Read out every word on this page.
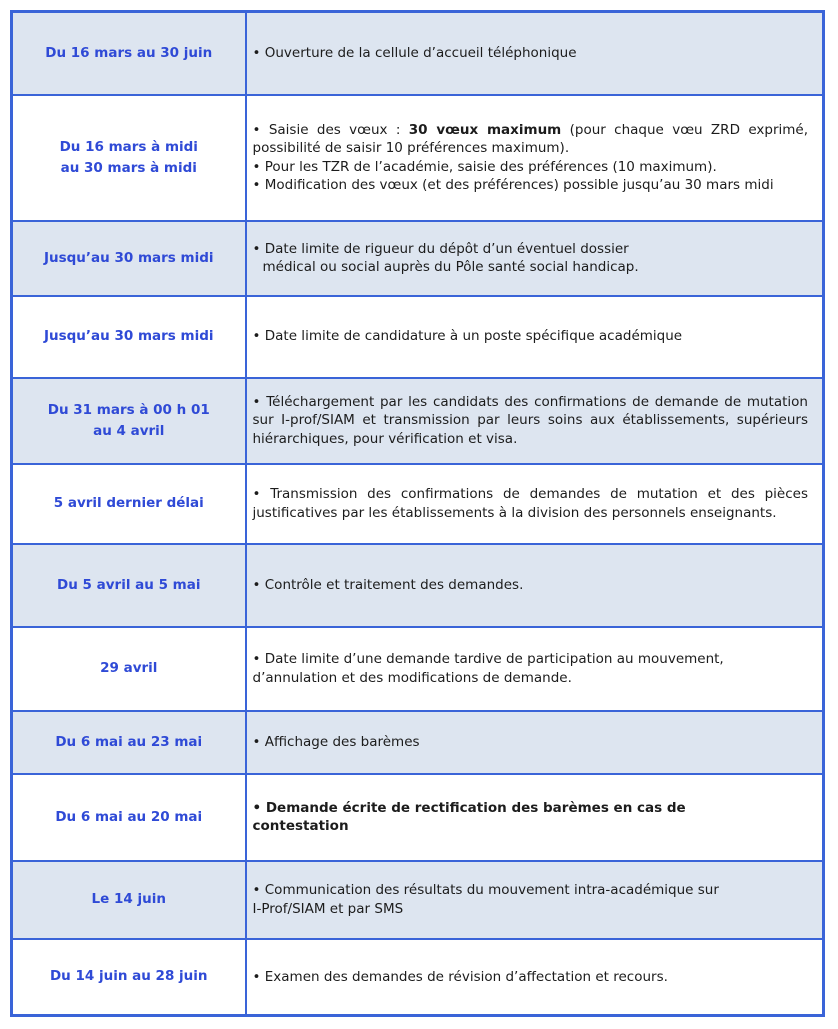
Du 16 mars au 30 juin	• Ouverture de la cellule d’accueil téléphonique

Du 16 mars à midi
au 30 mars à midi	• Saisie des vœux : 30 vœux maximum (pour chaque vœu ZRD exprimé, possibilité de saisir 10 préférences maximum).
• Pour les TZR de l’académie, saisie des préférences (10 maximum).
• Modification des vœux (et des préférences) possible jusqu’au 30 mars midi

Jusqu’au 30 mars midi	• Date limite de rigueur du dépôt d’un éventuel dossier
médical ou social auprès du Pôle santé social handicap.

Jusqu’au 30 mars midi	• Date limite de candidature à un poste spécifique académique

Du 31 mars à 00 h 01
au 4 avril	• Téléchargement par les candidats des confirmations de demande de mutation sur I-prof/SIAM et transmission par leurs soins aux établissements, supérieurs hiérarchiques, pour vérification et visa.

5 avril dernier délai	• Transmission des confirmations de demandes de mutation et des pièces justificatives par les établissements à la division des personnels enseignants.

Du 5 avril au 5 mai	• Contrôle et traitement des demandes.

29 avril	• Date limite d’une demande tardive de participation au mouvement,
d’annulation et des modifications de demande.

Du 6 mai au 23 mai	• Affichage des barèmes

Du 6 mai au 20 mai	• Demande écrite de rectification des barèmes en cas de
contestation

Le 14 juin	• Communication des résultats du mouvement intra-académique sur
I-Prof/SIAM et par SMS

Du 14 juin au 28 juin	• Examen des demandes de révision d’affectation et recours.
